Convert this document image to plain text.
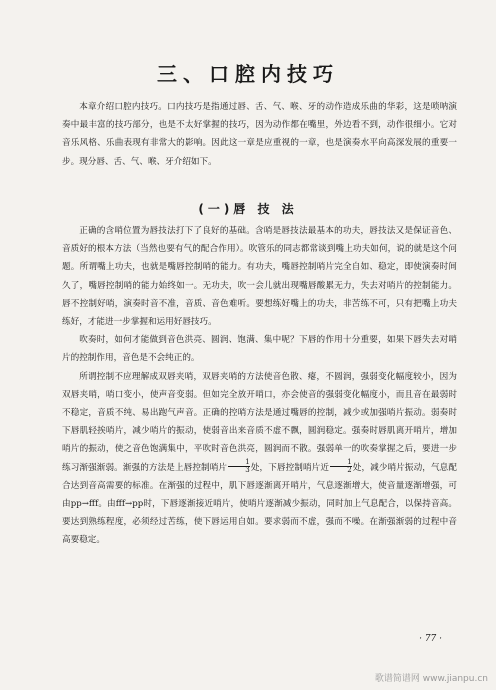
三、口腔内技巧

本章介绍口腔内技巧。口内技巧是指通过唇、舌、气、喉、牙的动作造成乐曲的华彩，这是唢呐演奏中最丰富的技巧部分，也是不太好掌握的技巧，因为动作都在嘴里，外边看不到，动作很细小。它对音乐风格、乐曲表现有非常大的影响。因此这一章是应重视的一章，也是演奏水平向高深发展的重要一步。现分唇、舌、气、喉、牙介绍如下。

(一)唇 技 法

正确的含哨位置为唇技法打下了良好的基础。含哨是唇技法最基本的功夫，唇技法又是保证音色、音质好的根本方法（当然也要有气的配合作用）。吹管乐的同志都常谈到嘴上功夫如何，说的就是这个问题。所谓嘴上功夫，也就是嘴唇控制哨的能力。有功夫，嘴唇控制哨片完全自如、稳定，即使演奏时间久了，嘴唇控制哨的能力始终如一。无功夫，吹一会儿就出现嘴唇酸累无力，失去对哨片的控制能力。唇不控制好哨，演奏时音不准，音质、音色难听。要想练好嘴上的功夫，非苦练不可，只有把嘴上功夫练好，才能进一步掌握和运用好唇技巧。

吹奏时，如何才能做到音色洪亮、圆润、饱满、集中呢？下唇的作用十分重要，如果下唇失去对哨片的控制作用，音色是不会纯正的。

所谓控制不应理解成双唇夹哨，双唇夹哨的方法使音色散、瘪，不圆润，强弱变化幅度较小，因为双唇夹哨，哨口变小，使声音变弱。但如完全放开哨口，亦会使音的强弱变化幅度小，而且音在最弱时不稳定，音质不纯、易出跑气声音。正确的控哨方法是通过嘴唇的控制，减少或加强哨片振动。弱奏时下唇肌轻挨哨片，减少哨片的振动，使弱音出来音质不虚不飘，圆润稳定。强奏时唇肌离开哨片，增加哨片的振动，使之音色饱满集中，平吹时音色洪亮，圆润而不散。强弱单一的吹奏掌握之后，要进一步练习渐强渐弱。渐强的方法是上唇控制哨片 $\frac{1}{3}$ 处，下唇控制哨片近 $\frac{1}{2}$ 处，减少哨片振动，气息配合达到音高需要的标准。在渐强的过程中，肌下唇逐渐离开哨片，气息逐渐增大，使音量逐渐增强，可由pp→fff。由fff→pp时，下唇逐渐接近哨片，使哨片逐渐减少振动，同时加上气息配合，以保持音高。要达到熟练程度，必须经过苦练，使下唇运用自如。要求弱而不虚，强而不噪。在渐强渐弱的过程中音高要稳定。

· 77 ·
歌谱简谱网 www.jianpu.cn
